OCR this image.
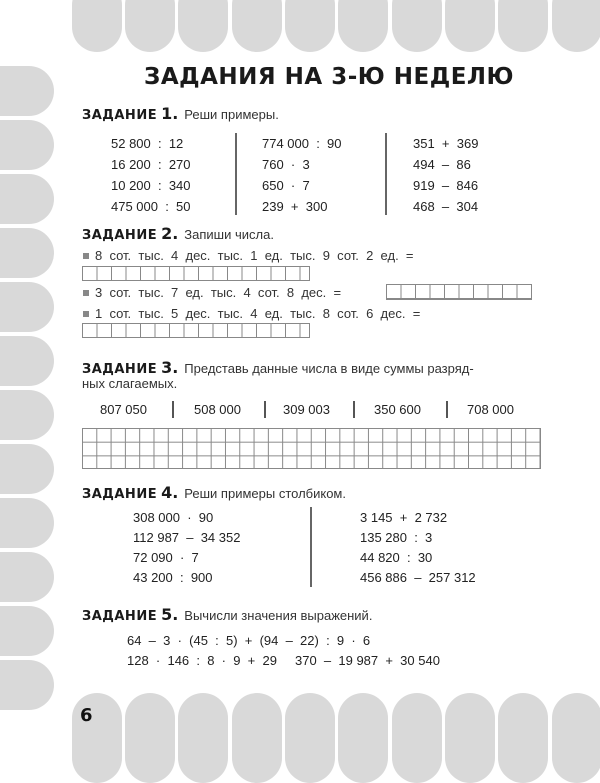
ЗАДАНИЯ НА 3-Ю НЕДЕЛЮ
ЗАДАНИЕ 1. Реши примеры.
52 800  :  12
16 200  :  270
10 200  :  340
475 000  :  50
774 000  :  90
760  ·  3
650  ·  7
239  +  300
351  +  369
494  –  86
919  –  846
468  –  304
ЗАДАНИЕ 2. Запиши числа.
8  сот.  тыс.  4  дес.  тыс.  1  ед.  тыс.  9  сот.  2  ед.  =
3  сот.  тыс.  7  ед.  тыс.  4  сот.  8  дес.  =
1  сот.  тыс.  5  дес.  тыс.  4  ед.  тыс.  8  сот.  6  дес.  =
ЗАДАНИЕ 3. Представь данные числа в виде суммы разряд-
ных слагаемых.
807 050	508 000	309 003	350 600	708 000
ЗАДАНИЕ 4. Реши примеры столбиком.
308 000  ·  90
112 987  –  34 352
72 090  ·  7
43 200  :  900
3 145  +  2 732
135 280  :  3
44 820  :  30
456 886  –  257 312
ЗАДАНИЕ 5. Вычисли значения выражений.
64  –  3  ·  (45  :  5)  +  (94  –  22)  :  9  ·  6
128  ·  146  :  8  ·  9  +  29     370  –  19 987  +  30 540
6
